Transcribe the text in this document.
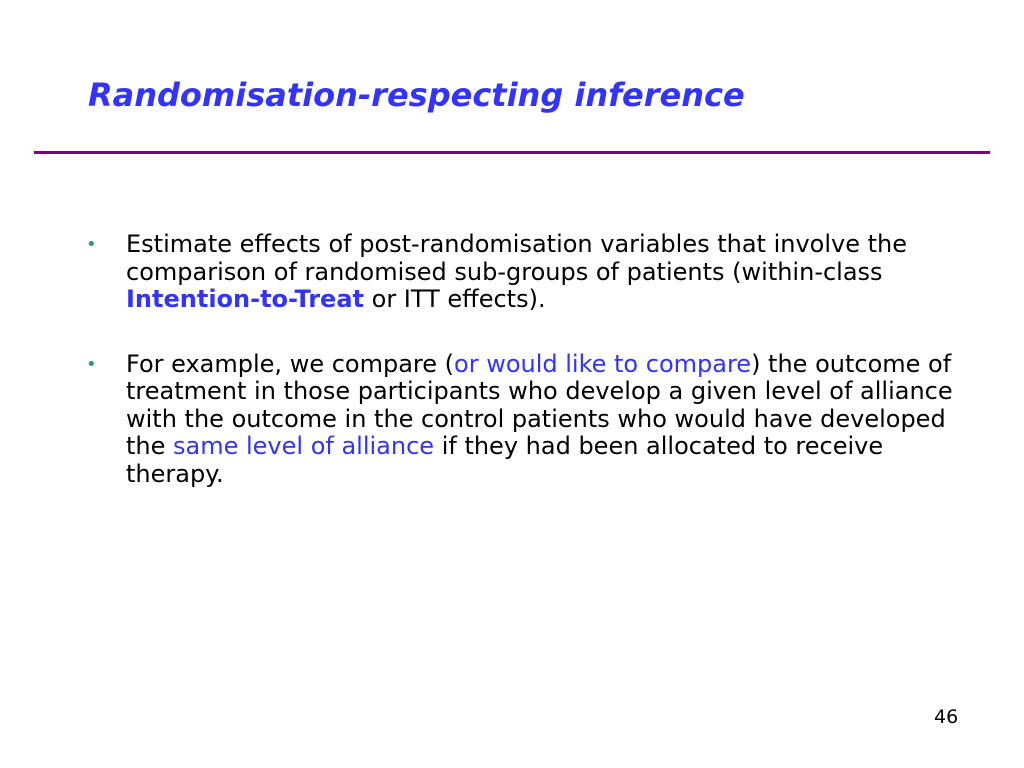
Randomisation-respecting inference
•	Estimate effects of post-randomisation variables that involve the comparison of randomised sub-groups of patients (within-class Intention-to-Treat or ITT effects).
•	For example, we compare (or would like to compare) the outcome of treatment in those participants who develop a given level of alliance with the outcome in the control patients who would have developed the same level of alliance if they had been allocated to receive therapy.
46
